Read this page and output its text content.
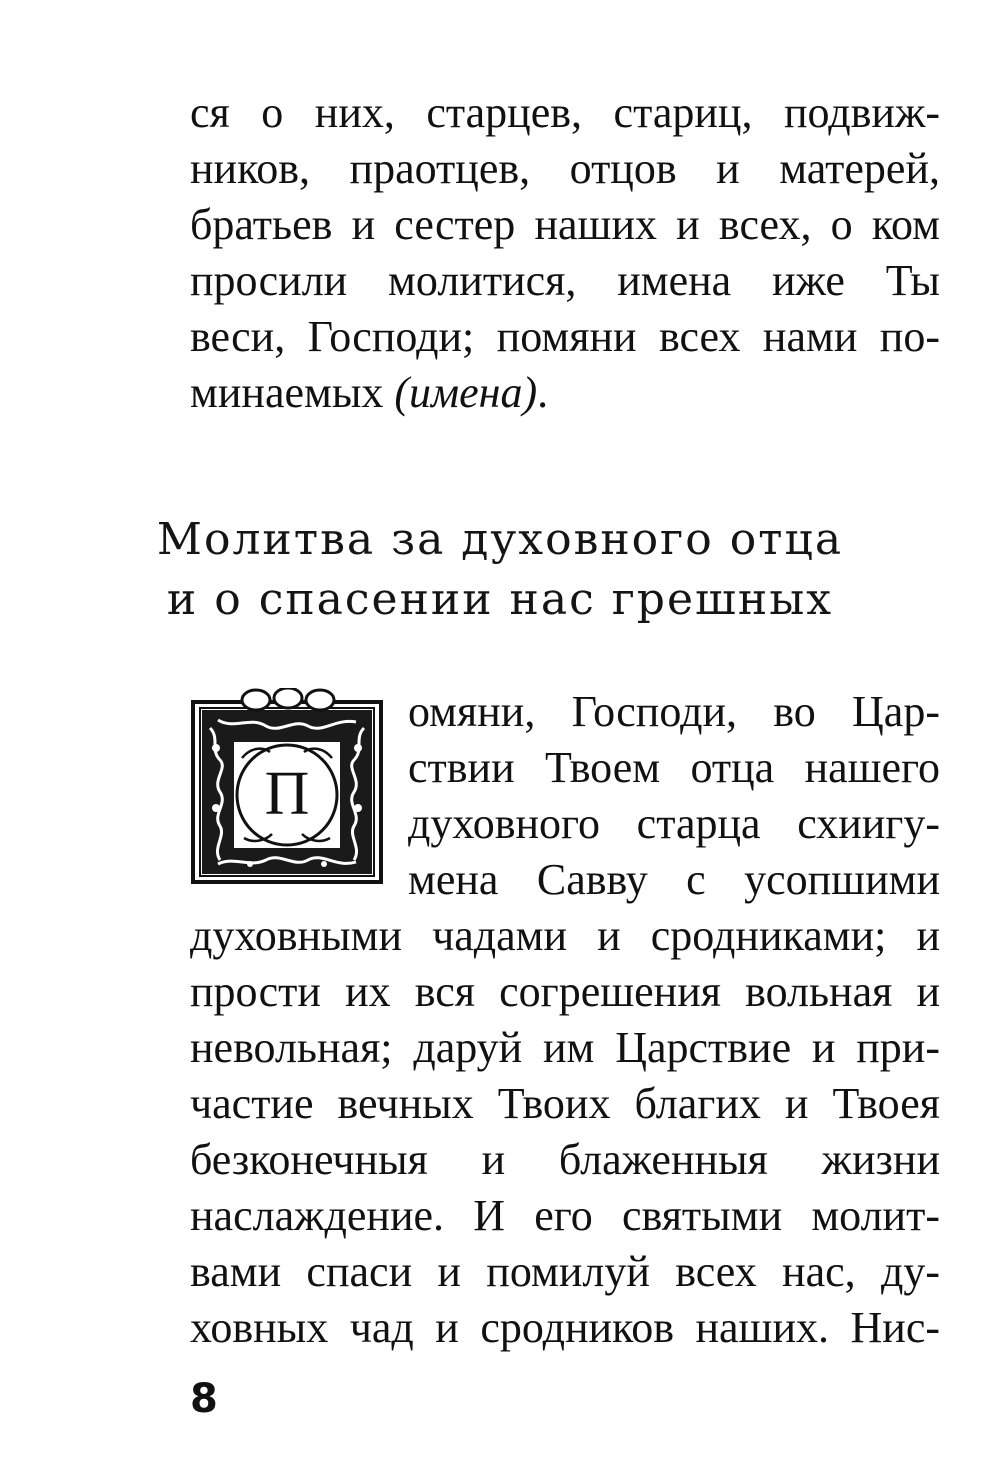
ся о них, старцев, стариц, подвиж-
ников, праотцев, отцов и матерей,
братьев и сестер наших и всех, о ком
просили молитися, имена иже Ты
веси, Господи; помяни всех нами по-
минаемых (имена).
Молитва за духовного отца
и о спасении нас грешных
П
омяни, Господи, во Цар-
ствии Твоем отца нашего
духовного старца схиигу-
мена Савву с усопшими
духовными чадами и сродниками; и
прости их вся согрешения вольная и
невольная; даруй им Царствие и при-
частие вечных Твоих благих и Твоея
безконечныя и блаженныя жизни
наслаждение. И его святыми молит-
вами спаси и помилуй всех нас, ду-
ховных чад и сродников наших. Нис-
8
